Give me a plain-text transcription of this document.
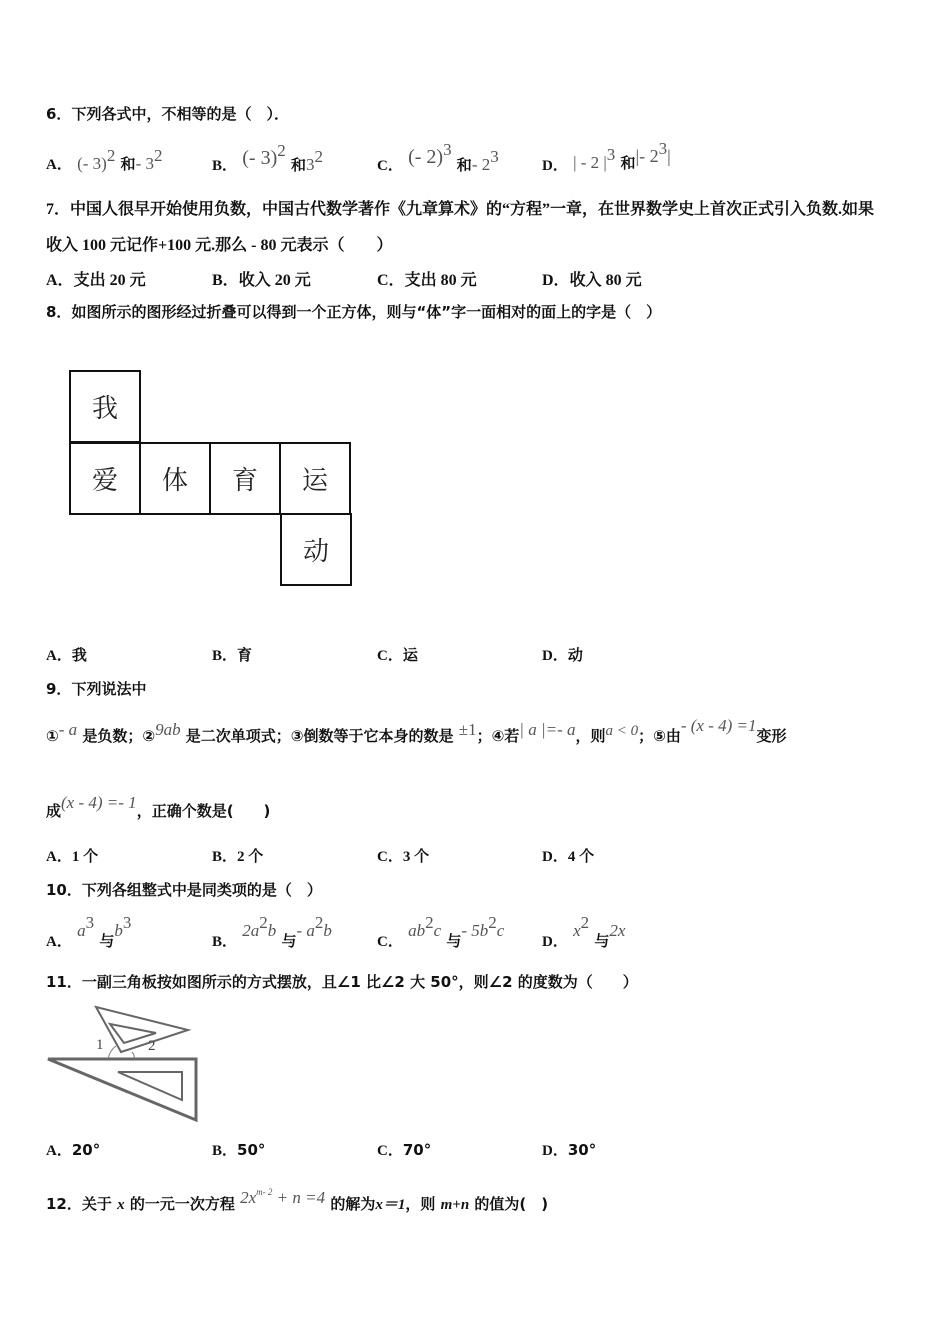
6．下列各式中，不相等的是（　）．
A． (- 3)$^2$ 和- $3^2$
B． (- 3)$^2$ 和$3^2$	C． (- 2)$^3$ 和- $2^3$	D． | - 2 $|^3$ 和|- $2^3|$
7．中国人很早开始使用负数，中国古代数学著作《九章算术》的“方程”一章，在世界数学史上首次正式引入负数.如果
收入 100 元记作+100 元.那么 - 80 元表示（　　）
A．支出 20 元	B．收入 20 元	C．支出 80 元	D．收入 80 元
8．如图所示的图形经过折叠可以得到一个正方体，则与“体”字一面相对的面上的字是（　）
我
爱	体	育	运
动
A．我	B．育	C．运	D．动
9．下列说法中
①- a 是负数；②9ab 是二次单项式；③倒数等于它本身的数是 ±1；④若| a |=- a，则a < 0；⑤由- (x - 4) =1变形
成(x - 4) =- 1，正确个数是(　　)
A．1 个	B．2 个	C．3 个	D．4 个
10．下列各组整式中是同类项的是（　）
A． $a^3$ 与$b^3$
B． $2a^2b$ 与- $a^2b$
C． $ab^2c$ 与- $5b^2c$
D． $x^2$ 与2x
11．一副三角板按如图所示的方式摆放，且∠1 比∠2 大 50°，则∠2 的度数为（　　）
1	2
A．20°	B．50°	C．70°	D．30°
12．关于 x 的一元一次方程 $2x^{m- 2} + n =4$ 的解为x＝1，则 m+n 的值为(　)
